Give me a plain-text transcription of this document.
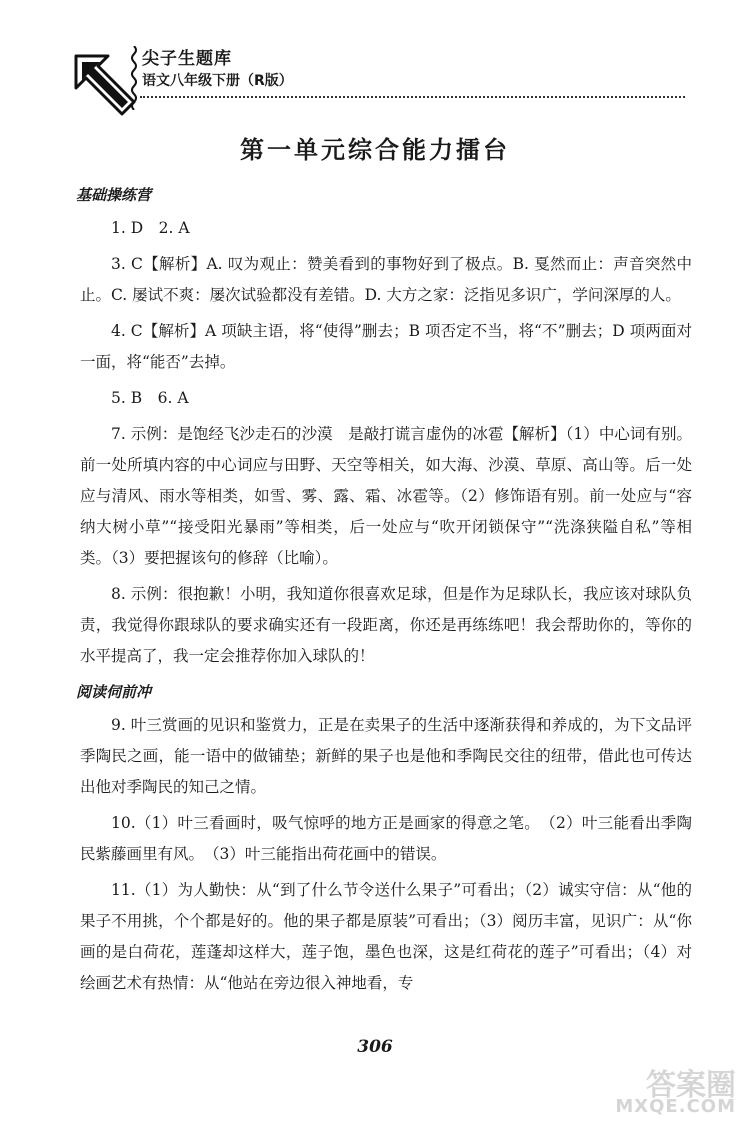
尖子生题库
语文八年级下册（R版）
第一单元综合能力擂台
基础操练营

1. D　2. A

3. C【解析】A. 叹为观止：赞美看到的事物好到了极点。B. 戛然而止：声音突然中止。C. 屡试不爽：屡次试验都没有差错。D. 大方之家：泛指见多识广，学问深厚的人。

4. C【解析】A 项缺主语，将“使得”删去；B 项否定不当，将“不”删去；D 项两面对一面，将“能否”去掉。

5. B　6. A

7. 示例：是饱经飞沙走石的沙漠　是敲打谎言虚伪的冰雹【解析】（1）中心词有别。前一处所填内容的中心词应与田野、天空等相关，如大海、沙漠、草原、高山等。后一处应与清风、雨水等相类，如雪、雾、露、霜、冰雹等。（2）修饰语有别。前一处应与“容纳大树小草”“接受阳光暴雨”等相类，后一处应与“吹开闭锁保守”“洗涤狭隘自私”等相类。（3）要把握该句的修辞（比喻）。

8. 示例：很抱歉！小明，我知道你很喜欢足球，但是作为足球队长，我应该对球队负责，我觉得你跟球队的要求确实还有一段距离，你还是再练练吧！我会帮助你的，等你的水平提高了，我一定会推荐你加入球队的！

阅读伺前冲

9. 叶三赏画的见识和鉴赏力，正是在卖果子的生活中逐渐获得和养成的，为下文品评季陶民之画，能一语中的做铺垫；新鲜的果子也是他和季陶民交往的纽带，借此也可传达出他对季陶民的知己之情。

10.（1）叶三看画时，吸气惊呼的地方正是画家的得意之笔。　（2）叶三能看出季陶民紫藤画里有风。　（3）叶三能指出荷花画中的错误。

11.（1）为人勤快：从“到了什么节令送什么果子”可看出；（2）诚实守信：从“他的果子不用挑，个个都是好的。他的果子都是原装”可看出；（3）阅历丰富，见识广：从“你画的是白荷花，莲蓬却这样大，莲子饱，墨色也深，这是红荷花的莲子”可看出；（4）对绘画艺术有热情：从“他站在旁边很入神地看，专

306
答案圈
MXQE.COM
